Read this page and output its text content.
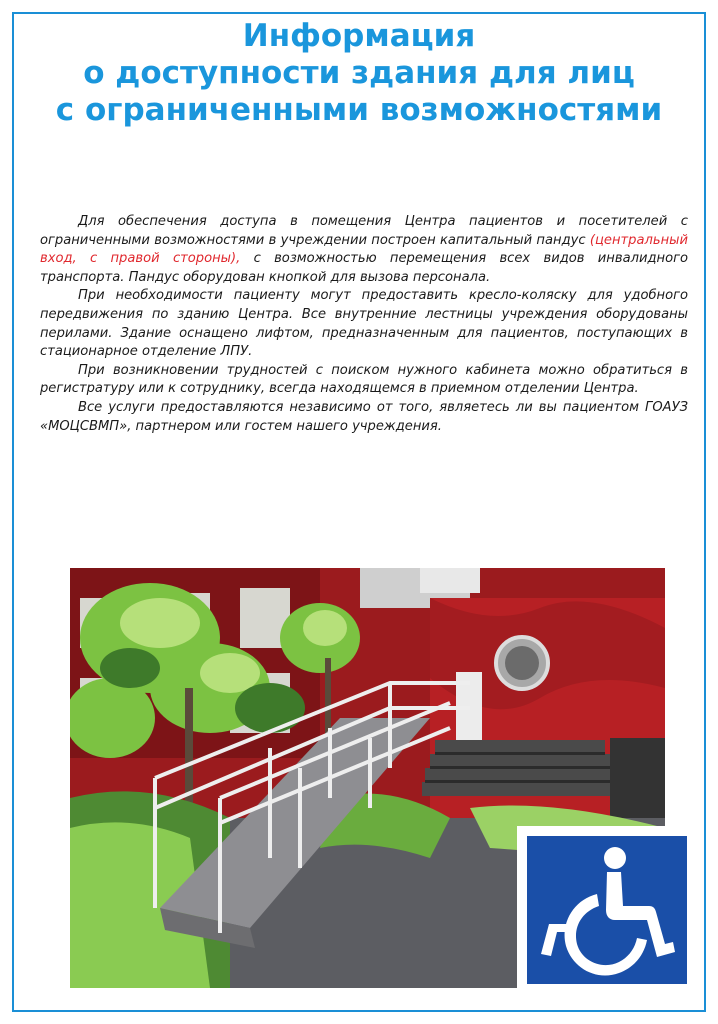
Информация
о доступности здания для лиц
с ограниченными возможностями

Для обеспечения доступа в помещения Центра пациентов и посетителей с ограниченными возможностями в учреждении построен капитальный пандус (центральный вход, с правой стороны), с возможностью перемещения всех видов инвалидного транспорта. Пандус оборудован кнопкой для вызова персонала.

При необходимости пациенту могут предоставить кресло-коляску для удобного передвижения по зданию Центра. Все внутренние лестницы учреждения оборудованы перилами. Здание оснащено лифтом, предназначенным для пациентов, поступающих в стационарное отделение ЛПУ.

При возникновении трудностей с поиском нужного кабинета можно обратиться в регистратуру или к сотруднику, всегда находящемся в приемном отделении Центра.

Все услуги предоставляются независимо от того, являетесь ли вы пациентом ГОАУЗ «МОЦСВМП», партнером или гостем нашего учреждения.
